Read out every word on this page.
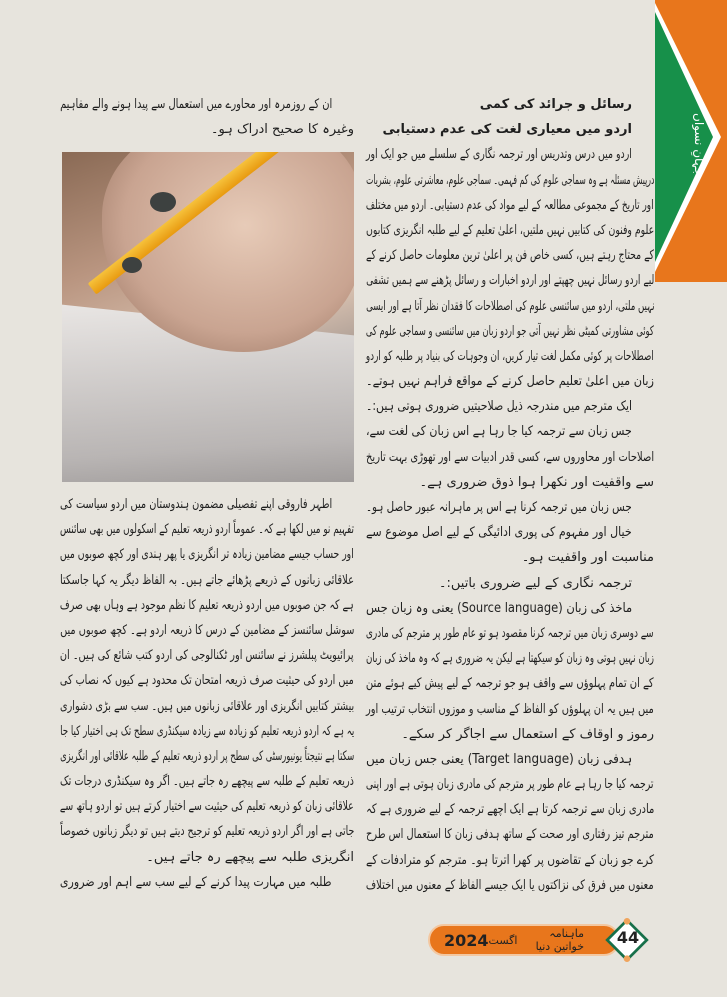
جہانِ نسواں
ان کے روزمرہ اور محاورے میں استعمال سے پیدا ہونے والے مفاہیم
وغیرہ کا صحیح ادراک ہو۔
اطہر فاروقی اپنے تفصیلی مضمون ہندوستان میں اردو سیاست کی
تفہیم نو میں لکھا ہے کہ۔ عموماً اردو ذریعہ تعلیم کے اسکولوں میں بھی سائنس
اور حساب جیسے مضامین زیادہ تر انگریزی یا پھر ہندی اور کچھ صوبوں میں
علاقائی زبانوں کے ذریعے پڑھائے جاتے ہیں۔ بہ الفاظ دیگر یہ کہا جاسکتا
ہے کہ جن صوبوں میں اردو ذریعہ تعلیم کا نظم موجود ہے وہاں بھی صرف
سوشل سائنسز کے مضامین کے درس کا ذریعہ اردو ہے۔ کچھ صوبوں میں
پرائیویٹ پبلشرز نے سائنس اور ٹکنالوجی کی اردو کتب شائع کی ہیں۔ ان
میں اردو کی حیثیت صرف ذریعہ امتحان تک محدود ہے کیوں کہ نصاب کی
بیشتر کتابیں انگریزی اور علاقائی زبانوں میں ہیں۔ سب سے بڑی دشواری
یہ ہے کہ اردو ذریعہ تعلیم کو زیادہ سے زیادہ سیکنڈری سطح تک ہی اختیار کیا جا
سکتا ہے نتیجتاً یونیورسٹی کی سطح پر اردو ذریعہ تعلیم کے طلبہ علاقائی اور انگریزی
ذریعہ تعلیم کے طلبہ سے پیچھے رہ جاتے ہیں۔ اگر وہ سیکنڈری درجات تک
علاقائی زبان کو ذریعہ تعلیم کی حیثیت سے اختیار کرتے ہیں تو اردو ہاتھ سے
جاتی ہے اور اگر اردو ذریعہ تعلیم کو ترجیح دیتے ہیں تو دیگر زبانوں خصوصاً
انگریزی طلبہ سے پیچھے رہ جاتے ہیں۔
طلبہ میں مہارت پیدا کرنے کے لیے سب سے اہم اور ضروری
رسائل و جرائد کی کمی
اردو میں معیاری لغت کی عدم دستیابی
اردو میں درس وتدریس اور ترجمہ نگاری کے سلسلے میں جو ایک اور
درپیش مسئلہ ہے وہ سماجی علوم کی کم فہمی۔ سماجی علوم، معاشرتی علوم، بشریات
اور تاریخ کے مجموعی مطالعہ کے لیے مواد کی عدم دستیابی۔ اردو میں مختلف
علوم وفنون کی کتابیں نہیں ملتیں، اعلیٰ تعلیم کے لیے طلبہ انگریزی کتابوں
کے محتاج رہتے ہیں، کسی خاص فن پر اعلیٰ ترین معلومات حاصل کرنے کے
لیے اردو رسائل نہیں چھپتے اور اردو اخبارات و رسائل پڑھنے سے ہمیں تشفی
نہیں ملتی، اردو میں سائنسی علوم کی اصطلاحات کا فقدان نظر آتا ہے اور ایسی
کوئی مشاورتی کمیٹی نظر نہیں آتی جو اردو زبان میں سائنسی و سماجی علوم کی
اصطلاحات پر کوئی مکمل لغت تیار کریں، ان وجوہات کی بنیاد پر طلبہ کو اردو
زبان میں اعلیٰ تعلیم حاصل کرنے کے مواقع فراہم نہیں ہوتے۔
ایک مترجم میں مندرجہ ذیل صلاحیتیں ضروری ہوتی ہیں:۔
جس زبان سے ترجمہ کیا جا رہا ہے اس زبان کی لغت سے،
اصلاحات اور محاوروں سے، کسی قدر ادبیات سے اور تھوڑی بہت تاریخ
سے واقفیت اور نکھرا ہوا ذوق ضروری ہے۔
جس زبان میں ترجمہ کرنا ہے اس پر ماہرانہ عبور حاصل ہو۔
خیال اور مفہوم کی پوری ادائیگی کے لیے اصل موضوع سے
مناسبت اور واقفیت ہو۔
ترجمہ نگاری کے لیے ضروری باتیں:۔
ماخذ کی زبان (Source language) یعنی وہ زبان جس
سے دوسری زبان میں ترجمہ کرنا مقصود ہو تو عام طور پر مترجم کی مادری
زبان نہیں ہوتی وہ زبان کو سیکھتا ہے لیکن یہ ضروری ہے کہ وہ ماخذ کی زبان
کے ان تمام پہلوؤں سے واقف ہو جو ترجمہ کے لیے پیش کیے ہوئے متن
میں ہیں یہ ان پہلوؤں کو الفاظ کے مناسب و موزوں انتخاب ترتیب اور
رموز و اوقاف کے استعمال سے اجاگر کر سکے۔
ہدفی زبان (Target language) یعنی جس زبان میں
ترجمہ کیا جا رہا ہے عام طور پر مترجم کی مادری زبان ہوتی ہے اور اپنی
مادری زبان سے ترجمہ کرتا ہے ایک اچھے ترجمہ کے لیے ضروری ہے کہ
مترجم تیز رفتاری اور صحت کے ساتھ ہدفی زبان کا استعمال اس طرح
کرے جو زبان کے تقاضوں پر کھرا اترتا ہو۔ مترجم کو مترادفات کے
معنوں میں فرق کی نزاکتوں یا ایک جیسے الفاظ کے معنوں میں اختلاف
2024 اگست	ماہنامہ خواتین دنیا	44
